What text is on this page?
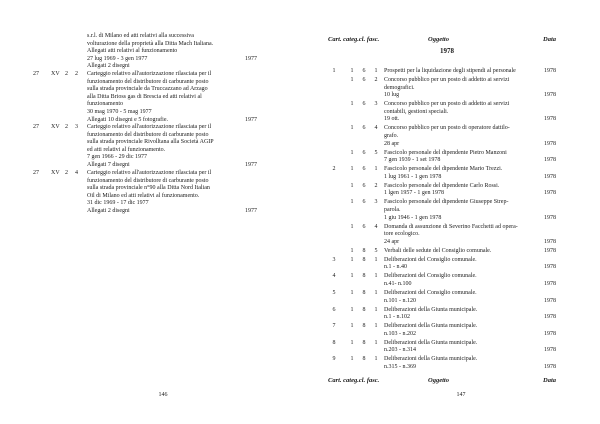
s.r.l. di Milano ed atti relativi alla successiva
volturazione della proprietà alla Ditta Mach Italiana.
Allegati atti relativi al funzionamento
27 lug 1969 - 3 gen 1977
Allegati 2 disegni
1977
27	XV 2	2	Carteggio relativo all'autorizzazione rilasciata per il
funzionamento del distributore di carburante posto
sulla strada provinciale da Truccazzano ad Arzago
alla Ditta Brioss gas di Brescia ed atti relativi al
funzionamento
30 mag 1970 - 5 mag 1977
Allegati 10 disegni e 5 fotografie.	1977
27	XV 2	3	Carteggio relativo all'autorizzazione rilasciata per il
funzionamento del distributore di carburante posto
sulla strada provinciale Rivolltana alla Società AGIP
ed atti relativi al funzionamento.
7 gen 1966 - 29 dic 1977
Allegati 7 disegni	1977
27	XV 2	4	Carteggio relativo all'autorizzazione rilasciata per il
funzionamento del distributore di carburante posto
sulla strada provinciale n°90 alla Ditta Nord Italian
Oil di Milano ed atti relativi al funzionamento.
31 dic 1969 - 17 dic 1977
Allegati 2 disegni	1977
146
Cart. categ.cl. fasc.	Oggetto	Data
1978
1	1 6 1 Prospetti per la liquidazione degli stipendi al personale	1978
1 6 2 Concorso pubblico per un posto di addetto ai servizi
demografici.
10 lug	1978
1 6 3 Concorso pubblico per un posto di addetto ai servizi
contabili, gestioni speciali.
19 ott.	1978
1 6 4 Concorso pubblico per un posto di operatore dattilo-
grafo.
28 apr	1978
1 6 5 Fascicolo personale del dipendente Pietro Manzoni
7 gen 1939 - 1 set 1978	1978
2	1 6 1 Fascicolo personale del dipendente Mario Trezzi.
1 lug 1961 - 1 gen 1978	1978
1 6 2 Fascicolo personale del dipendente Carlo Rossi.
1 lgen 1957 - 1 gen 1978	1978
1 6 3 Fascicolo personale del dipendente Giuseppe Strep-
parola.
1 giu 1946 - 1 gen 1978	1978
1 6 4 Domanda di assunzione di Severino Facchetti ad opera-
tore ecologico.
24 apr	1978
1 8 5 Verbali delle sedute del Consiglio comunale.	1978
3	1 8 1 Deliberazioni del Consiglio comunale.
n.1 - n.40	1978
4	1 8 1 Deliberazioni del Consiglio comunale.
n.41- n.100	1978
5	1 8 1 Deliberazioni del Consiglio comunale.
n.101 - n.120	1978
6	1 8 1 Deliberazioni della Giunta municipale.
n.1 - n.102	1978
7	1 8 1 Deliberazioni della Giunta municipale.
n.103 - n.202	1978
8	1 8 1 Deliberazioni della Giunta municipale.
n.203 - n.314	1978
9	1 8 1 Deliberazioni della Giunta municipale.
n.315 - n.369	1978
Cart. categ.cl. fasc.	Oggetto	Data
147
